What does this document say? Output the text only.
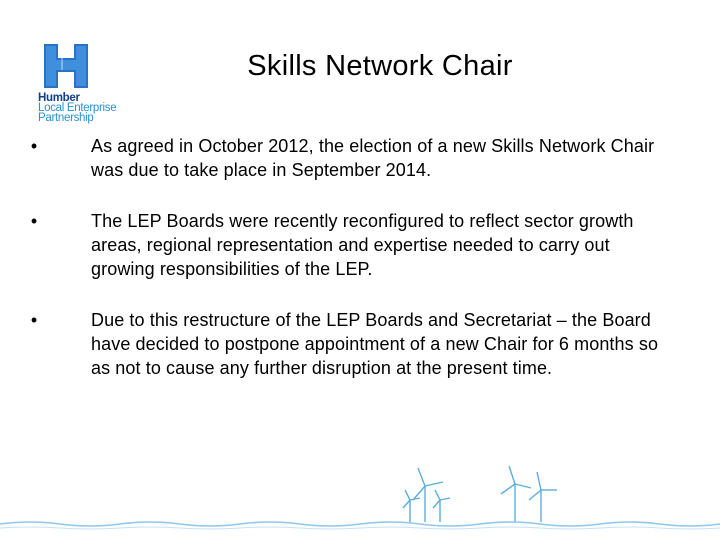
Humber
Local Enterprise
Partnership
Skills Network Chair
•	As agreed in October 2012, the election of a new Skills Network Chair was due to take place in September 2014.
•	The LEP Boards were recently reconfigured to reflect sector growth areas, regional representation and expertise needed to carry out growing responsibilities of the LEP.
•	Due to this restructure of the LEP Boards and Secretariat – the Board have decided to postpone appointment of a new Chair for 6 months so as not to cause any further disruption at the present time.
